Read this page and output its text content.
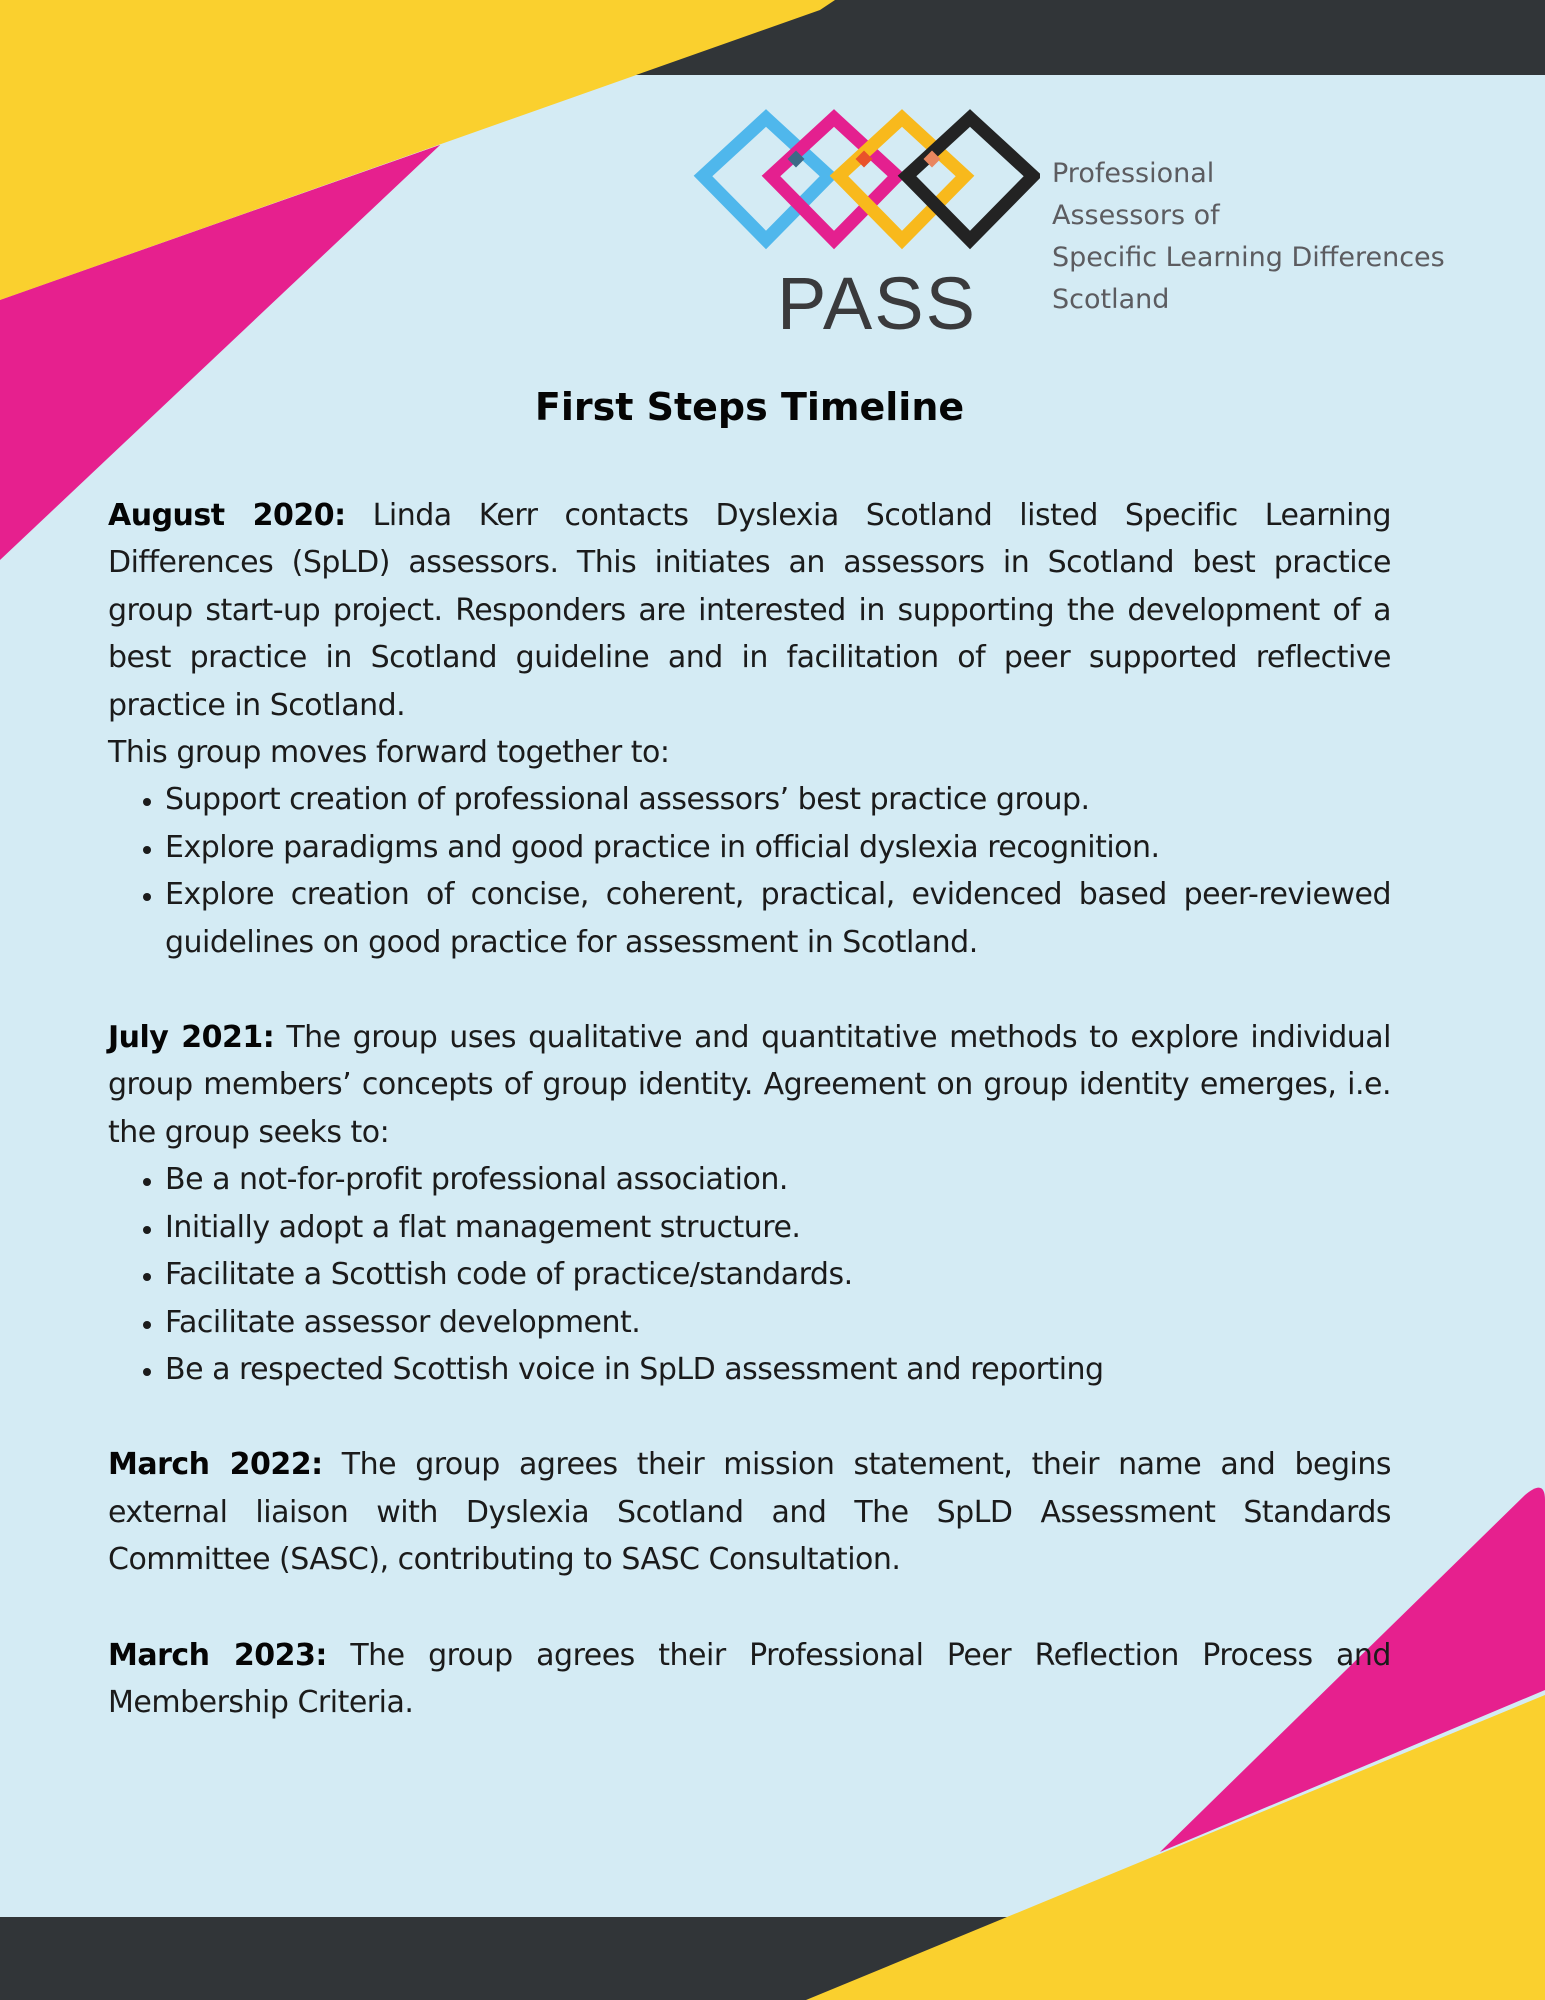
PASS
Professional
Assessors of
Specific Learning Differences
Scotland
First Steps Timeline

August 2020: Linda Kerr contacts Dyslexia Scotland listed Specific Learning Differences (SpLD) assessors. This initiates an assessors in Scotland best practice group start-up project. Responders are interested in supporting the development of a best practice in Scotland guideline and in facilitation of peer supported reflective practice in Scotland.

This group moves forward together to:

• Support creation of professional assessors’ best practice group.
• Explore paradigms and good practice in official dyslexia recognition.
• Explore creation of concise, coherent, practical, evidenced based peer-reviewed guidelines on good practice for assessment in Scotland.

July 2021: The group uses qualitative and quantitative methods to explore individual group members’ concepts of group identity. Agreement on group identity emerges, i.e. the group seeks to:

• Be a not-for-profit professional association.
• Initially adopt a flat management structure.
• Facilitate a Scottish code of practice/standards.
• Facilitate assessor development.
• Be a respected Scottish voice in SpLD assessment and reporting

March 2022: The group agrees their mission statement, their name and begins external liaison with Dyslexia Scotland and The SpLD Assessment Standards Committee (SASC), contributing to SASC Consultation.

March 2023: The group agrees their Professional Peer Reflection Process and Membership Criteria.
